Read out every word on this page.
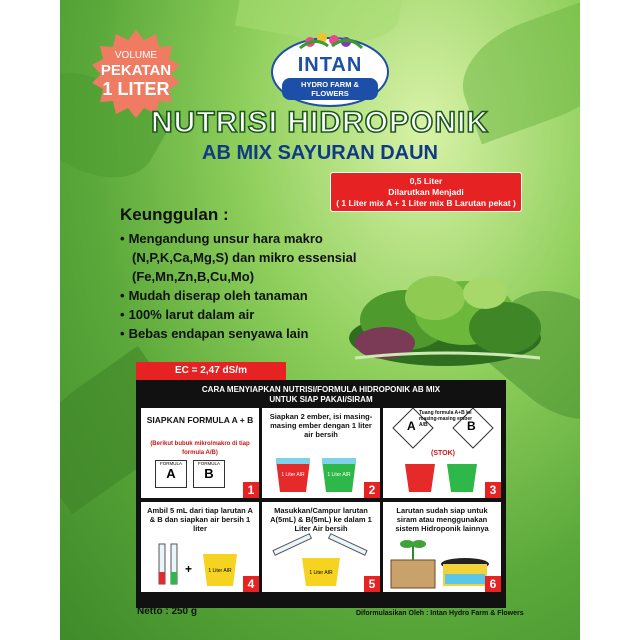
VOLUME
PEKATAN
1 LITER
INTAN
HYDRO FARM & FLOWERS
NUTRISI HIDROPONIK
AB MIX SAYURAN DAUN
0,5 Liter
Dilarutkan Menjadi
( 1 Liter mix A + 1 Liter mix B Larutan pekat )
Keunggulan :
• Mengandung unsur hara makro (N,P,K,Ca,Mg,S) dan mikro essensial (Fe,Mn,Zn,B,Cu,Mo)
• Mudah diserap oleh tanaman
• 100% larut dalam air
• Bebas endapan senyawa lain
EC = 2,47 dS/m
CARA MENYIAPKAN NUTRISI/FORMULA HIDROPONIK AB MIX
UNTUK SIAP PAKAI/SIRAM
SIAPKAN FORMULA A + B
(Berikut bubuk mikro/makro di tiap formula A/B)
FORMULA
A
FORMULA
B
1
Siapkan 2 ember, isi masing-masing ember dengan 1 liter air bersih
1 Liter AIR	1 Liter AIR
2
A	B
Tuang formula A+B ke masing-masing ember A/B
(STOK)
3
Ambil 5 mL dari tiap larutan A & B dan siapkan air bersih 1 liter
+	1 Liter AIR
4
Masukkan/Campur larutan A(5mL) & B(5mL) ke dalam 1 Liter Air bersih
1 Liter AIR
5
Larutan sudah siap untuk siram atau menggunakan sistem Hidroponik lainnya
6
Netto : 250 g	Diformulasikan Oleh : Intan Hydro Farm & Flowers
